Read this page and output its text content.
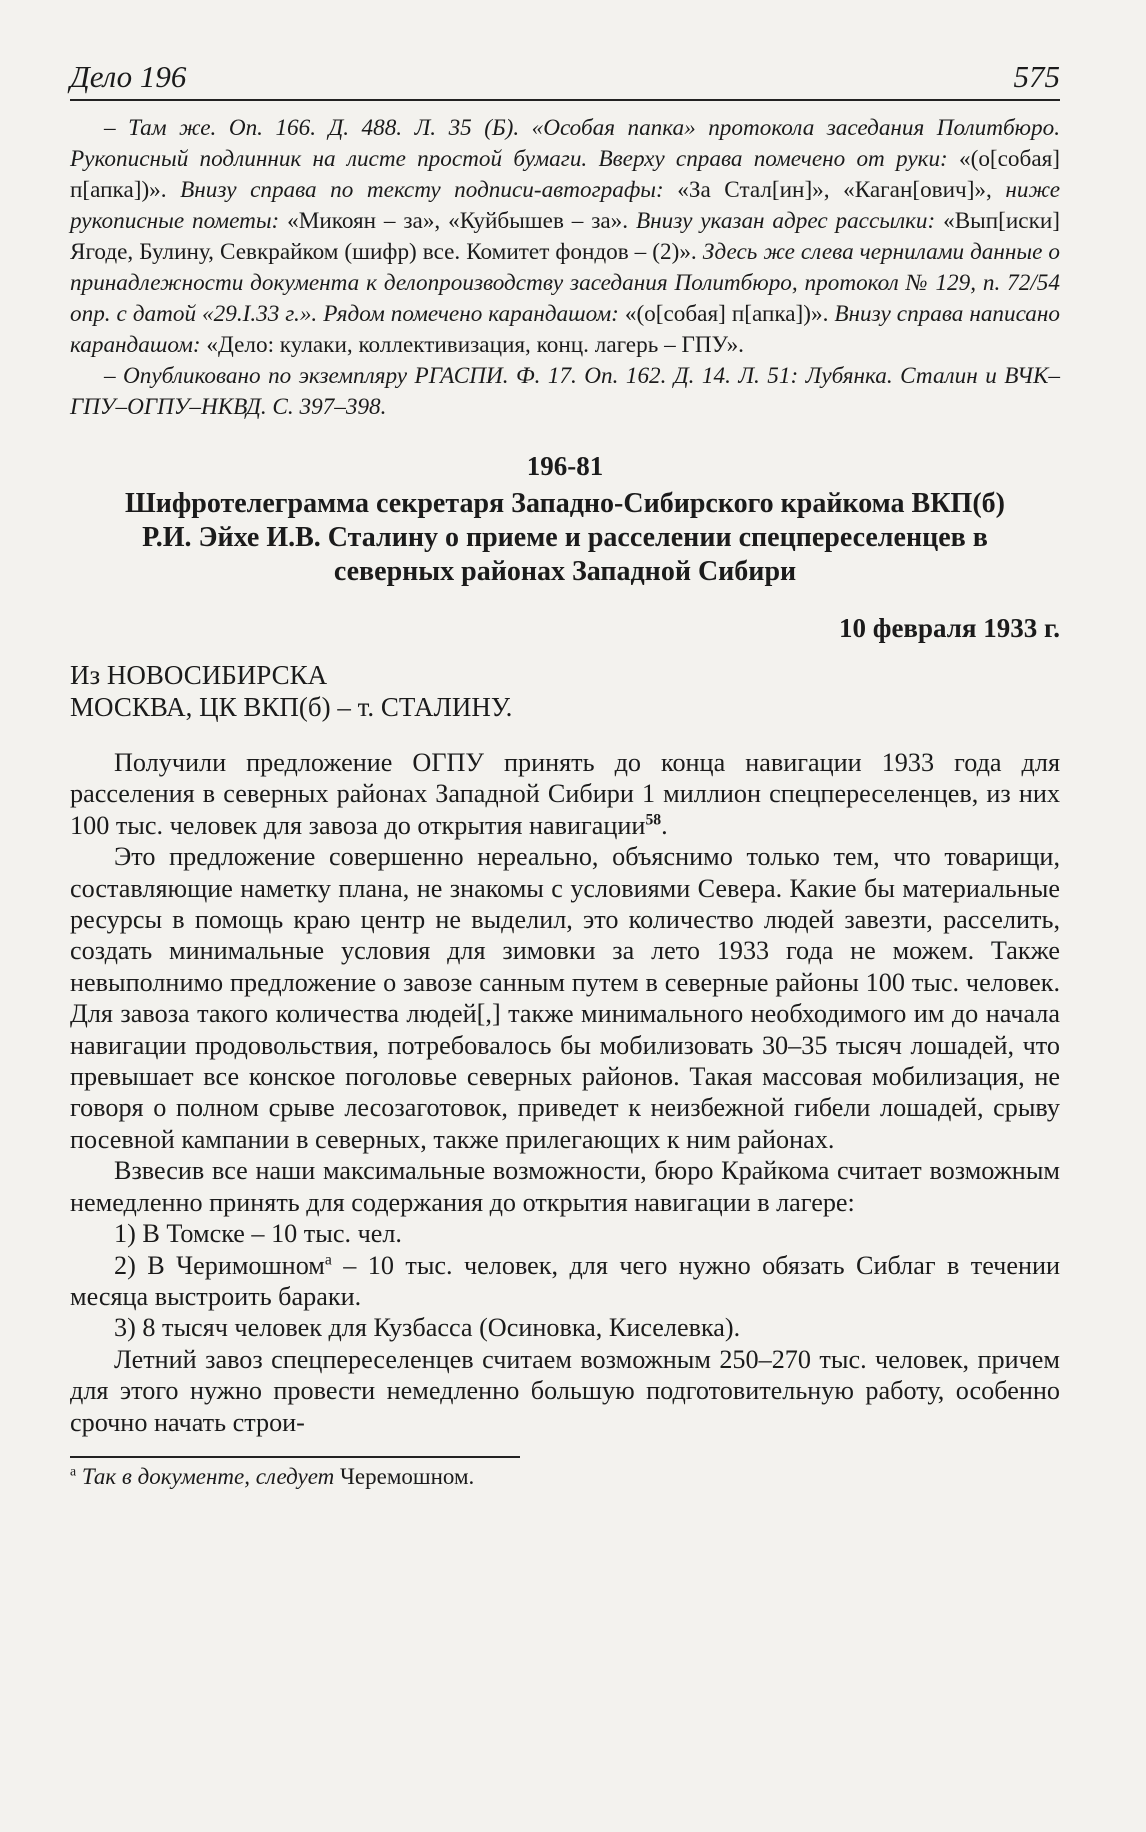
Дело 196	575
– Там же. Оп. 166. Д. 488. Л. 35 (Б). «Особая папка» протокола заседания Политбюро. Рукописный подлинник на листе простой бумаги. Вверху справа помечено от руки: «(о[собая] п[апка])». Внизу справа по тексту подписи-автографы: «За Стал[ин]», «Каган[ович]», ниже рукописные пометы: «Микоян – за», «Куйбышев – за». Внизу указан адрес рассылки: «Вып[иски] Ягоде, Булину, Севкрайком (шифр) все. Комитет фондов – (2)». Здесь же слева чернилами данные о принадлежности документа к делопроизводству заседания Политбюро, протокол № 129, п. 72/54 опр. с датой «29.I.33 г.». Рядом помечено карандашом: «(о[собая] п[апка])». Внизу справа написано карандашом: «Дело: кулаки, коллективизация, конц. лагерь – ГПУ».
– Опубликовано по экземпляру РГАСПИ. Ф. 17. Оп. 162. Д. 14. Л. 51: Лубянка. Сталин и ВЧК–ГПУ–ОГПУ–НКВД. С. 397–398.
196-81
Шифротелеграмма секретаря Западно-Сибирского крайкома ВКП(б) Р.И. Эйхе И.В. Сталину о приеме и расселении спецпереселенцев в северных районах Западной Сибири
10 февраля 1933 г.
Из НОВОСИБИРСКА
МОСКВА, ЦК ВКП(б) – т. СТАЛИНУ.

Получили предложение ОГПУ принять до конца навигации 1933 года для расселения в северных районах Западной Сибири 1 миллион спецпереселенцев, из них 100 тыс. человек для завоза до открытия навигации$^{58}$.

Это предложение совершенно нереально, объяснимо только тем, что товарищи, составляющие наметку плана, не знакомы с условиями Севера. Какие бы материальные ресурсы в помощь краю центр не выделил, это количество людей завезти, расселить, создать минимальные условия для зимовки за лето 1933 года не можем. Также невыполнимо предложение о завозе санным путем в северные районы 100 тыс. человек. Для завоза такого количества людей[,] также минимального необходимого им до начала навигации продовольствия, потребовалось бы мобилизовать 30–35 тысяч лошадей, что превышает все конское поголовье северных районов. Такая массовая мобилизация, не говоря о полном срыве лесозаготовок, приведет к неизбежной гибели лошадей, срыву посевной кампании в северных, также прилегающих к ним районах.

Взвесив все наши максимальные возможности, бюро Крайкома считает возможным немедленно принять для содержания до открытия навигации в лагере:

1) В Томске – 10 тыс. чел.

2) В Черимошном$^а$ – 10 тыс. человек, для чего нужно обязать Сиблаг в течении месяца выстроить бараки.

3) 8 тысяч человек для Кузбасса (Осиновка, Киселевка).

Летний завоз спецпереселенцев считаем возможным 250–270 тыс. человек, причем для этого нужно провести немедленно большую подготовительную работу, особенно срочно начать строи-

$^а$ Так в документе, следует Черемошном.
